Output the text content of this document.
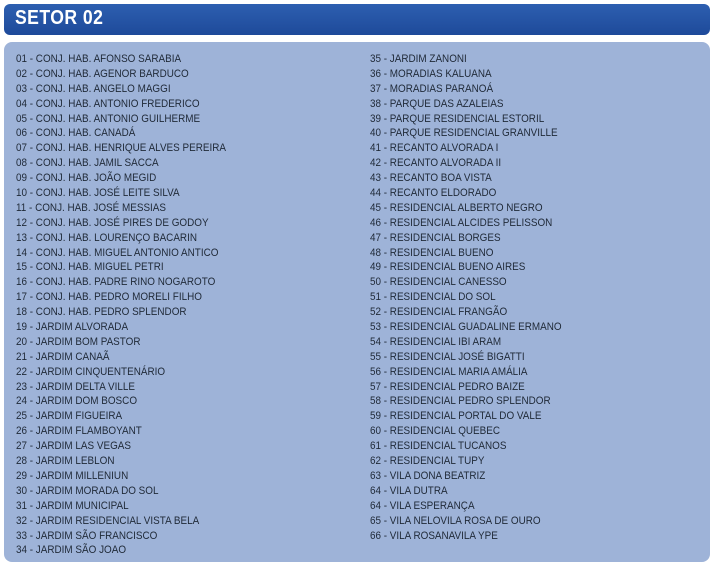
SETOR 02
01 - CONJ. HAB. AFONSO SARABIA
02 - CONJ. HAB. AGENOR BARDUCO
03 - CONJ. HAB. ANGELO MAGGI
04 - CONJ. HAB. ANTONIO FREDERICO
05 - CONJ. HAB. ANTONIO GUILHERME
06 - CONJ. HAB. CANADÁ
07 - CONJ. HAB. HENRIQUE ALVES PEREIRA
08 - CONJ. HAB. JAMIL SACCA
09 - CONJ. HAB. JOÃO MEGID
10 - CONJ. HAB. JOSÉ LEITE SILVA
11 - CONJ. HAB. JOSÉ MESSIAS
12 - CONJ. HAB. JOSÉ PIRES DE GODOY
13 - CONJ. HAB. LOURENÇO BACARIN
14 - CONJ. HAB. MIGUEL ANTONIO ANTICO
15 - CONJ. HAB. MIGUEL PETRI
16 - CONJ. HAB. PADRE RINO NOGAROTO
17 - CONJ. HAB. PEDRO MORELI FILHO
18 - CONJ. HAB. PEDRO SPLENDOR
19 - JARDIM ALVORADA
20 - JARDIM BOM PASTOR
21 - JARDIM CANAÃ
22 - JARDIM CINQUENTENÁRIO
23 - JARDIM DELTA VILLE
24 - JARDIM DOM BOSCO
25 - JARDIM FIGUEIRA
26 - JARDIM FLAMBOYANT
27 - JARDIM LAS VEGAS
28 - JARDIM LEBLON
29 - JARDIM MILLENIUN
30 - JARDIM MORADA DO SOL
31 - JARDIM MUNICIPAL
32 - JARDIM RESIDENCIAL VISTA BELA
33 - JARDIM SÃO FRANCISCO
34 - JARDIM SÃO JOAO
35 - JARDIM ZANONI
36 - MORADIAS KALUANA
37 - MORADIAS PARANOÁ
38 - PARQUE DAS AZALEIAS
39 - PARQUE RESIDENCIAL ESTORIL
40 - PARQUE RESIDENCIAL GRANVILLE
41 - RECANTO ALVORADA I
42 - RECANTO ALVORADA II
43 - RECANTO BOA VISTA
44 - RECANTO ELDORADO
45 - RESIDENCIAL ALBERTO NEGRO
46 - RESIDENCIAL ALCIDES PELISSON
47 - RESIDENCIAL BORGES
48 - RESIDENCIAL BUENO
49 - RESIDENCIAL BUENO AIRES
50 - RESIDENCIAL CANESSO
51 - RESIDENCIAL DO SOL
52 - RESIDENCIAL FRANGÃO
53 - RESIDENCIAL GUADALINE ERMANO
54 - RESIDENCIAL IBI ARAM
55 - RESIDENCIAL JOSÉ BIGATTI
56 - RESIDENCIAL MARIA AMÁLIA
57 - RESIDENCIAL PEDRO BAIZE
58 - RESIDENCIAL PEDRO SPLENDOR
59 - RESIDENCIAL PORTAL DO VALE
60 - RESIDENCIAL QUEBEC
61 - RESIDENCIAL TUCANOS
62 - RESIDENCIAL TUPY
63 - VILA DONA BEATRIZ
64 - VILA DUTRA
64 - VILA ESPERANÇA
65 - VILA NELOVILA ROSA DE OURO
66 - VILA ROSANAVILA YPE
